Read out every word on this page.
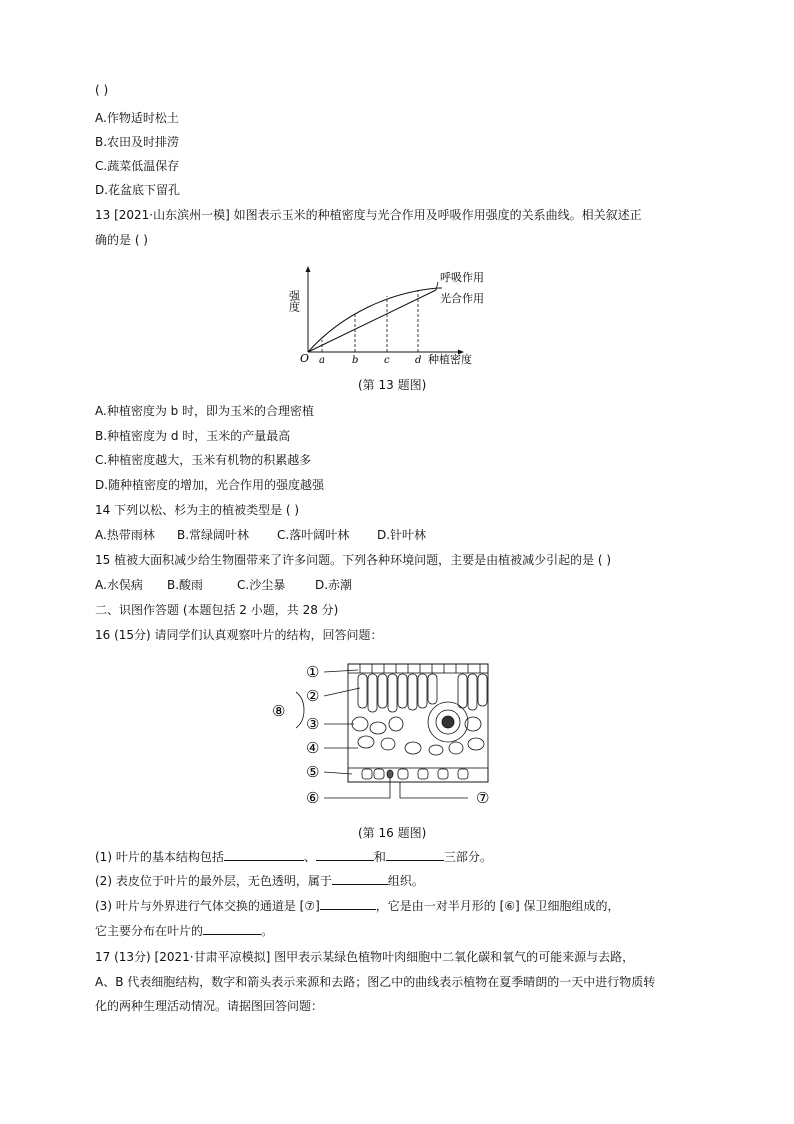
( )
A.作物适时松土
B.农田及时排涝
C.蔬菜低温保存
D.花盆底下留孔
13 [2021·山东滨州一模] 如图表示玉米的种植密度与光合作用及呼吸作用强度的关系曲线。相关叙述正
确的是 ( )
强度
O a	b	c	d 种植密度
呼吸作用
光合作用
(第 13 题图)
A.种植密度为 b 时，即为玉米的合理密植
B.种植密度为 d 时，玉米的产量最高
C.种植密度越大，玉米有机物的积累越多
D.随种植密度的增加，光合作用的强度越强
14 下列以松、杉为主的植被类型是 ( )
A.热带雨林 B.常绿阔叶林 C.落叶阔叶林 D.针叶林
15 植被大面积减少给生物圈带来了许多问题。下列各种环境问题，主要是由植被减少引起的是 ( )
A.水俣病 B.酸雨	C.沙尘暴 D.赤潮
二、识图作答题 (本题包括 2 小题，共 28 分)
16 (15分) 请同学们认真观察叶片的结构，回答问题：
①
②
③
④
⑤
⑥	⑦
⑧
(第 16 题图)
(1) 叶片的基本结构包括	、	和	三部分。
(2) 表皮位于叶片的最外层，无色透明，属于	组织。
(3) 叶片与外界进行气体交换的通道是 [⑦]	，它是由一对半月形的 [⑥] 保卫细胞组成的，
它主要分布在叶片的	。
17 (13分) [2021·甘肃平凉模拟] 图甲表示某绿色植物叶肉细胞中二氧化碳和氧气的可能来源与去路，
A、B 代表细胞结构，数字和箭头表示来源和去路；图乙中的曲线表示植物在夏季晴朗的一天中进行物质转
化的两种生理活动情况。请据图回答问题：
